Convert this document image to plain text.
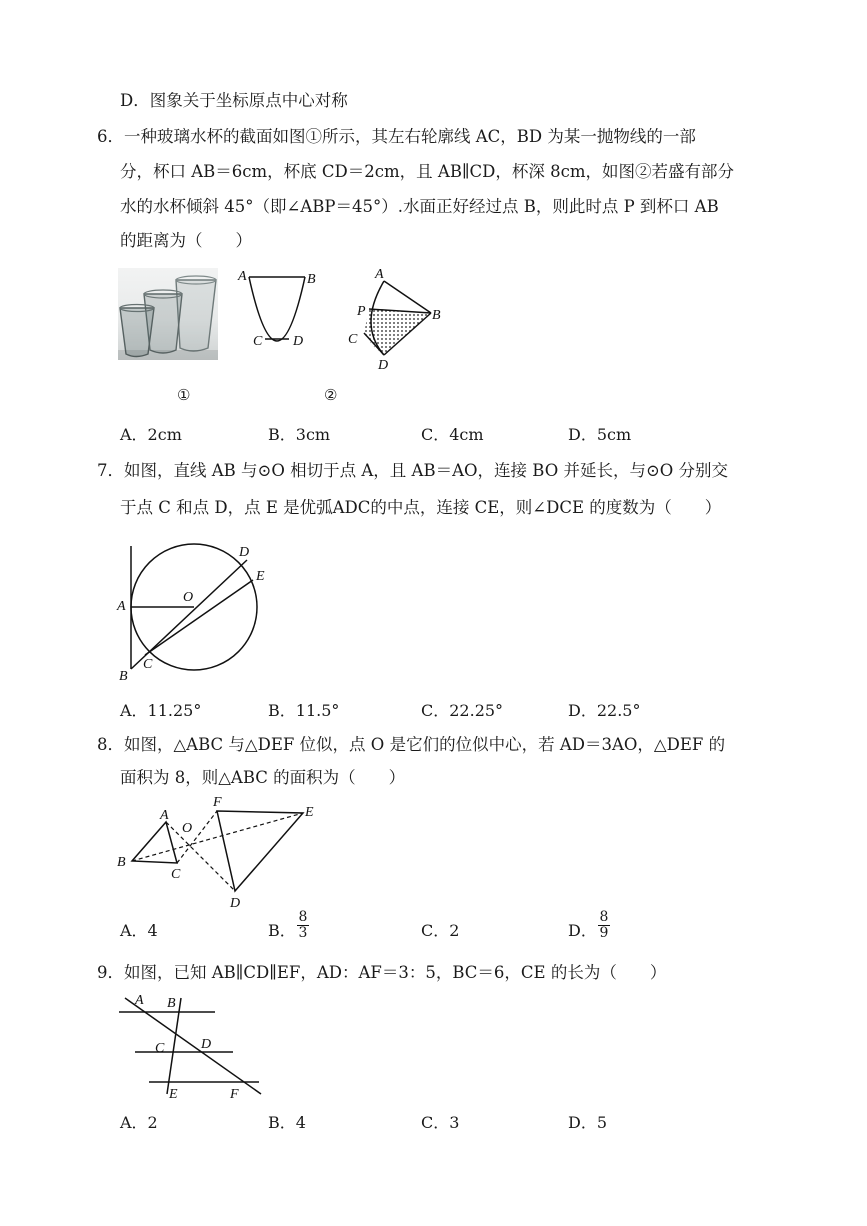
D．图象关于坐标原点中心对称
6．一种玻璃水杯的截面如图①所示，其左右轮廓线 AC，BD 为某一抛物线的一部
分，杯口 AB＝6cm，杯底 CD＝2cm，且 AB∥CD，杯深 8cm，如图②若盛有部分
水的水杯倾斜 45°（即∠ABP＝45°）.水面正好经过点 B，则此时点 P 到杯口 AB
的距离为（　　）
A	B
C D
A
B
P
C
D
①	②
A．2cm	B．3cm	C．4cm	D．5cm
7．如图，直线 AB 与⊙O 相切于点 A，且 AB＝AO，连接 BO 并延长，与⊙O 分别交
于点 C 和点 D，点 E 是优弧ADC的中点，连接 CE，则∠DCE 的度数为（　　）
A
B
C
D
E
O
A．11.25°	B．11.5°	C．22.25°	D．22.5°
8．如图，△ABC 与△DEF 位似，点 O 是它们的位似中心，若 AD＝3AO，△DEF 的
面积为 8，则△ABC 的面积为（　　）
A
B
C
D
E
F
O
A．4	B．
8
3	C．2	D．
8
9
9．如图，已知 AB∥CD∥EF，AD：AF＝3：5，BC＝6，CE 的长为（　　）
A B
C	D
E	F
A．2	B．4	C．3	D．5
